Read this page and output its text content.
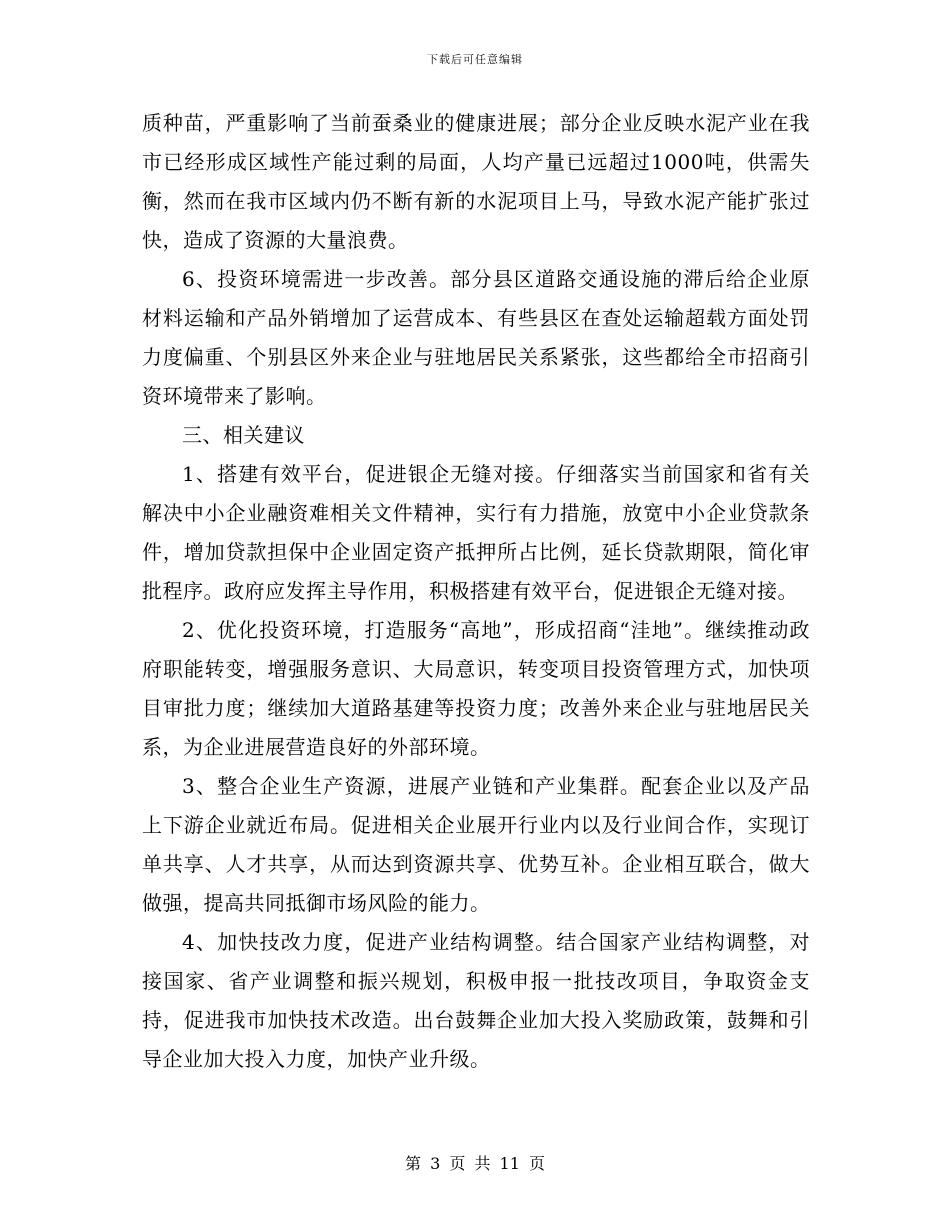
下载后可任意编辑

质种苗，严重影响了当前蚕桑业的健康进展；部分企业反映水泥产业在我市已经形成区域性产能过剩的局面，人均产量已远超过1000吨，供需失衡，然而在我市区域内仍不断有新的水泥项目上马，导致水泥产能扩张过快，造成了资源的大量浪费。

6、投资环境需进一步改善。部分县区道路交通设施的滞后给企业原材料运输和产品外销增加了运营成本、有些县区在查处运输超载方面处罚力度偏重、个别县区外来企业与驻地居民关系紧张，这些都给全市招商引资环境带来了影响。

三、相关建议

1、搭建有效平台，促进银企无缝对接。仔细落实当前国家和省有关解决中小企业融资难相关文件精神，实行有力措施，放宽中小企业贷款条件，增加贷款担保中企业固定资产抵押所占比例，延长贷款期限，简化审批程序。政府应发挥主导作用，积极搭建有效平台，促进银企无缝对接。

2、优化投资环境，打造服务“高地”，形成招商“洼地”。继续推动政府职能转变，增强服务意识、大局意识，转变项目投资管理方式，加快项目审批力度；继续加大道路基建等投资力度；改善外来企业与驻地居民关系，为企业进展营造良好的外部环境。

3、整合企业生产资源，进展产业链和产业集群。配套企业以及产品上下游企业就近布局。促进相关企业展开行业内以及行业间合作，实现订单共享、人才共享，从而达到资源共享、优势互补。企业相互联合，做大做强，提高共同抵御市场风险的能力。

4、加快技改力度，促进产业结构调整。结合国家产业结构调整，对接国家、省产业调整和振兴规划，积极申报一批技改项目，争取资金支持，促进我市加快技术改造。出台鼓舞企业加大投入奖励政策，鼓舞和引导企业加大投入力度，加快产业升级。

第 3 页 共 11 页
